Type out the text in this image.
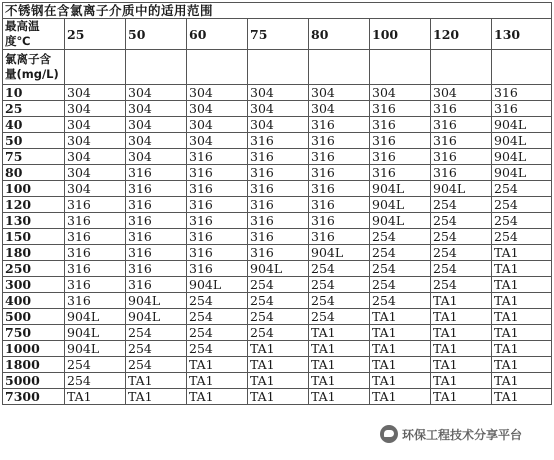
不锈钢在含氯离子介质中的适用范围								
最高温度℃	25	50	60	75	80	100	120	130
氯离子含量(mg/L)								
10	304	304	304	304	304	304	304	316
25	304	304	304	304	304	316	316	316
40	304	304	304	304	316	316	316	904L
50	304	304	304	316	316	316	316	904L
75	304	304	316	316	316	316	316	904L
80	304	316	316	316	316	316	316	904L
100	304	316	316	316	316	904L	904L	254
120	316	316	316	316	316	904L	254	254
130	316	316	316	316	316	904L	254	254
150	316	316	316	316	316	254	254	254
180	316	316	316	316	904L	254	254	TA1
250	316	316	316	904L	254	254	254	TA1
300	316	316	904L	254	254	254	254	TA1
400	316	904L	254	254	254	254	TA1	TA1
500	904L	904L	254	254	254	TA1	TA1	TA1
750	904L	254	254	254	TA1	TA1	TA1	TA1
1000	904L	254	254	TA1	TA1	TA1	TA1	TA1
1800	254	254	TA1	TA1	TA1	TA1	TA1	TA1
5000	254	TA1	TA1	TA1	TA1	TA1	TA1	TA1
7300	TA1	TA1	TA1	TA1	TA1	TA1	TA1	TA1
环保工程技术分享平台
